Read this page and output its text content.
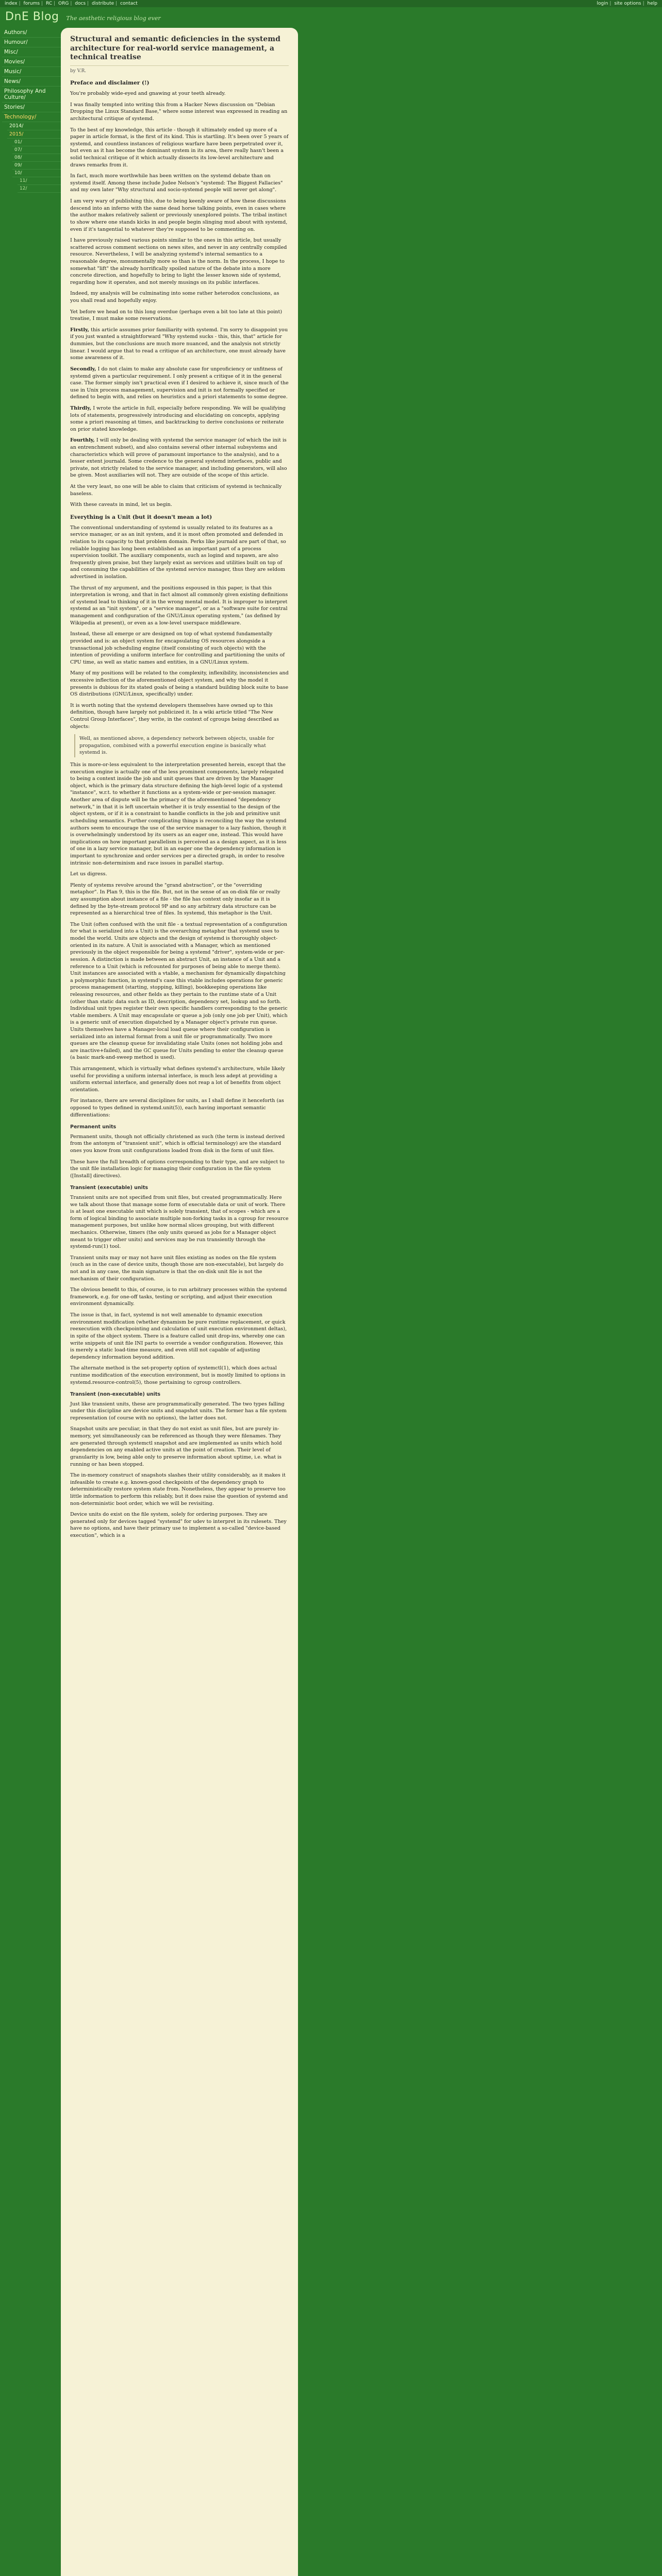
index | forums | RC | ORG | docs | distribute | contact	login | site options | help
DnE Blog The aesthetic religious blog ever
Authors/
Humour/
Misc/
Movies/
Music/
News/
Philosophy And Culture/
Stories/
Technology/
2014/
2015/
01/
07/
08/
09/
10/
11/
12/
Structural and semantic deficiencies in the systemd architecture for real-world service management, a technical treatise
by V.R.
Preface and disclaimer (!)

You're probably wide-eyed and gnawing at your teeth already.

I was finally tempted into writing this from a Hacker News discussion on "Debian Dropping the Linux Standard Base," where some interest was expressed in reading an architectural critique of systemd.

To the best of my knowledge, this article - though it ultimately ended up more of a paper in article format, is the first of its kind. This is startling. It's been over 5 years of systemd, and countless instances of religious warfare have been perpetrated over it, but even as it has become the dominant system in its area, there really hasn't been a solid technical critique of it which actually dissects its low-level architecture and draws remarks from it.

In fact, much more worthwhile has been written on the systemd debate than on systemd itself. Among these include Judee Nelson's "systemd: The Biggest Fallacies" and my own later "Why structural and socio-systemd people will never get along".

I am very wary of publishing this, due to being keenly aware of how these discussions descend into an inferno with the same dead horse talking points, even in cases where the author makes relatively salient or previously unexplored points. The tribal instinct to show where one stands kicks in and people begin slinging mud about with systemd, even if it's tangential to whatever they're supposed to be commenting on.

I have previously raised various points similar to the ones in this article, but usually scattered across comment sections on news sites, and never in any centrally compiled resource. Nevertheless, I will be analyzing systemd's internal semantics to a reasonable degree, monumentally more so than is the norm. In the process, I hope to somewhat "lift" the already horrifically spoiled nature of the debate into a more concrete direction, and hopefully to bring to light the lesser known side of systemd, regarding how it operates, and not merely musings on its public interfaces.

Indeed, my analysis will be culminating into some rather heterodox conclusions, as you shall read and hopefully enjoy.

Yet before we head on to this long overdue (perhaps even a bit too late at this point) treatise, I must make some reservations.

Firstly, this article assumes prior familiarity with systemd. I'm sorry to disappoint you if you just wanted a straightforward "Why systemd sucks - this, this, that" article for dummies, but the conclusions are much more nuanced, and the analysis not strictly linear. I would argue that to read a critique of an architecture, one must already have some awareness of it.

Secondly, I do not claim to make any absolute case for unproficiency or unfitness of systemd given a particular requirement. I only present a critique of it in the general case. The former simply isn't practical even if I desired to achieve it, since much of the use in Unix process management, supervision and init is not formally specified or defined to begin with, and relies on heuristics and a priori statements to some degree.

Thirdly, I wrote the article in full, especially before responding. We will be qualifying lots of statements, progressively introducing and elucidating on concepts, applying some a priori reasoning at times, and backtracking to derive conclusions or reiterate on prior stated knowledge.

Fourthly, I will only be dealing with systemd the service manager (of which the init is an entrenchment subset), and also contains several other internal subsystems and characteristics which will prove of paramount importance to the analysis), and to a lesser extent journald. Some credence to the general systemd interfaces, public and private, not strictly related to the service manager, and including generators, will also be given. Most auxiliaries will not. They are outside of the scope of this article.

At the very least, no one will be able to claim that criticism of systemd is technically baseless.

With these caveats in mind, let us begin.

Everything is a Unit (but it doesn't mean a lot)

The conventional understanding of systemd is usually related to its features as a service manager, or as an init system, and it is most often promoted and defended in relation to its capacity to that problem domain. Perks like journald are part of that, so reliable logging has long been established as an important part of a process supervision toolkit. The auxiliary components, such as logind and nspawn, are also frequently given praise, but they largely exist as services and utilities built on top of and consuming the capabilities of the systemd service manager, thus they are seldom advertised in isolation.

The thrust of my argument, and the positions espoused in this paper, is that this interpretation is wrong, and that in fact almost all commonly given existing definitions of systemd lead to thinking of it in the wrong mental model. It is improper to interpret systemd as an "init system", or a "service manager", or as a "software suite for central management and configuration of the GNU/Linux operating system," (as defined by Wikipedia at present), or even as a low-level userspace middleware.

Instead, these all emerge or are designed on top of what systemd fundamentally provided and is: an object system for encapsulating OS resources alongside a transactional job scheduling engine (itself consisting of such objects) with the intention of providing a uniform interface for controlling and partitioning the units of CPU time, as well as static names and entities, in a GNU/Linux system.

Many of my positions will be related to the complexity, inflexibility, inconsistencies and excessive inflection of the aforementioned object system, and why the model it presents is dubious for its stated goals of being a standard building block suite to base OS distributions (GNU/Linux, specifically) under.

It is worth noting that the systemd developers themselves have owned up to this definition, though have largely not publicized it. In a wiki article titled "The New Control Group Interfaces", they write, in the context of cgroups being described as objects:

Well, as mentioned above, a dependency network between objects, usable for propagation, combined with a powerful execution engine is basically what systemd is.

This is more-or-less equivalent to the interpretation presented herein, except that the execution engine is actually one of the less prominent components, largely relegated to being a context inside the job and unit queues that are driven by the Manager object, which is the primary data structure defining the high-level logic of a systemd "instance", w.r.t. to whether it functions as a system-wide or per-session manager. Another area of dispute will be the primacy of the aforementioned "dependency network," in that it is left uncertain whether it is truly essential to the design of the object system, or if it is a constraint to handle conflicts in the job and primitive unit scheduling semantics. Further complicating things is reconciling the way the systemd authors seem to encourage the use of the service manager to a lazy fashion, though it is overwhelmingly understood by its users as an eager one, instead. This would have implications on how important parallelism is perceived as a design aspect, as it is less of one in a lazy service manager, but in an eager one the dependency information is important to synchronize and order services per a directed graph, in order to resolve intrinsic non-determinism and race issues in parallel startup.

Let us digress.

Plenty of systems revolve around the "grand abstraction", or the "overriding metaphor". In Plan 9, this is the file. But, not in the sense of an on-disk file or really any assumption about instance of a file - the file has context only insofar as it is defined by the byte-stream protocol 9P and so any arbitrary data structure can be represented as a hierarchical tree of files. In systemd, this metaphor is the Unit.

The Unit (often confused with the unit file - a textual representation of a configuration for what is serialized into a Unit) is the overarching metaphor that systemd uses to model the world. Units are objects and the design of systemd is thoroughly object-oriented in its nature. A Unit is associated with a Manager, which as mentioned previously in the object responsible for being a systemd "driver", system-wide or per-session. A distinction is made between an abstract Unit, an instance of a Unit and a reference to a Unit (which is refcounted for purposes of being able to merge them). Unit instances are associated with a vtable, a mechanism for dynamically dispatching a polymorphic function, in systemd's case this vtable includes operations for generic process management (starting, stopping, killing), bookkeeping operations like releasing resources, and other fields as they pertain to the runtime state of a Unit (other than static data such as ID, description, dependency set, lookup and so forth. Individual unit types register their own specific handlers corresponding to the generic vtable members. A Unit may encapsulate or queue a job (only one job per Unit), which is a generic unit of execution dispatched by a Manager object's private run queue. Units themselves have a Manager-local load queue where their configuration is serialized into an internal format from a unit file or programmatically. Two more queues are the cleanup queue for invalidating stale Units (ones not holding jobs and are inactive+failed), and the GC queue for Units pending to enter the cleanup queue (a basic mark-and-sweep method is used).

This arrangement, which is virtually what defines systemd's architecture, while likely useful for providing a uniform internal interface, is much less adept at providing a uniform external interface, and generally does not reap a lot of benefits from object orientation.

For instance, there are several disciplines for units, as I shall define it henceforth (as opposed to types defined in systemd.unit(5)), each having important semantic differentiations:

Permanent units

Permanent units, though not officially christened as such (the term is instead derived from the antonym of "transient unit", which is official terminology) are the standard ones you know from unit configurations loaded from disk in the form of unit files.

These have the full breadth of options corresponding to their type, and are subject to the unit file installation logic for managing their configuration in the file system ([Install] directives).

Transient (executable) units

Transient units are not specified from unit files, but created programmatically. Here we talk about those that manage some form of executable data or unit of work. There is at least one executable unit which is solely transient, that of scopes - which are a form of logical binding to associate multiple non-forking tasks in a cgroup for resource management purposes, but unlike how normal slices grouping, but with different mechanics. Otherwise, timers (the only units queued as jobs for a Manager object meant to trigger other units) and services may be run transiently through the systemd-run(1) tool.

Transient units may or may not have unit files existing as nodes on the file system (such as in the case of device units, though those are non-executable), but largely do not and in any case, the main signature is that the on-disk unit file is not the mechanism of their configuration.

The obvious benefit to this, of course, is to run arbitrary processes within the systemd framework, e.g. for one-off tasks, testing or scripting, and adjust their execution environment dynamically.

The issue is that, in fact, systemd is not well amenable to dynamic execution environment modification (whether dynamism be pure runtime replacement, or quick reexecution with checkpointing and calculation of unit execution environment deltas), in spite of the object system. There is a feature called unit drop-ins, whereby one can write snippets of unit file INI parts to override a vendor configuration. However, this is merely a static load-time measure, and even still not capable of adjusting dependency information beyond addition.

The alternate method is the set-property option of systemctl(1), which does actual runtime modification of the execution environment, but is mostly limited to options in systemd.resource-control(5), those pertaining to cgroup controllers.

Transient (non-executable) units

Just like transient units, these are programmatically generated. The two types falling under this discipline are device units and snapshot units. The former has a file system representation (of course with no options), the latter does not.

Snapshot units are peculiar, in that they do not exist as unit files, but are purely in-memory, yet simultaneously can be referenced as though they were filenames. They are generated through systemctl snapshot and are implemented as units which hold dependencies on any enabled active units at the point of creation. Their level of granularity is low, being able only to preserve information about uptime, i.e. what is running or has been stopped.

The in-memory construct of snapshots slashes their utility considerably, as it makes it infeasible to create e.g. known-good checkpoints of the dependency graph to deterministically restore system state from. Nonetheless, they appear to preserve too little information to perform this reliably, but it does raise the question of systemd and non-deterministic boot order, which we will be revisiting.

Device units do exist on the file system, solely for ordering purposes. They are generated only for devices tagged "systemd" for udev to interpret in its rulesets. They have no options, and have their primary use to implement a so-called "device-based execution", which is a
